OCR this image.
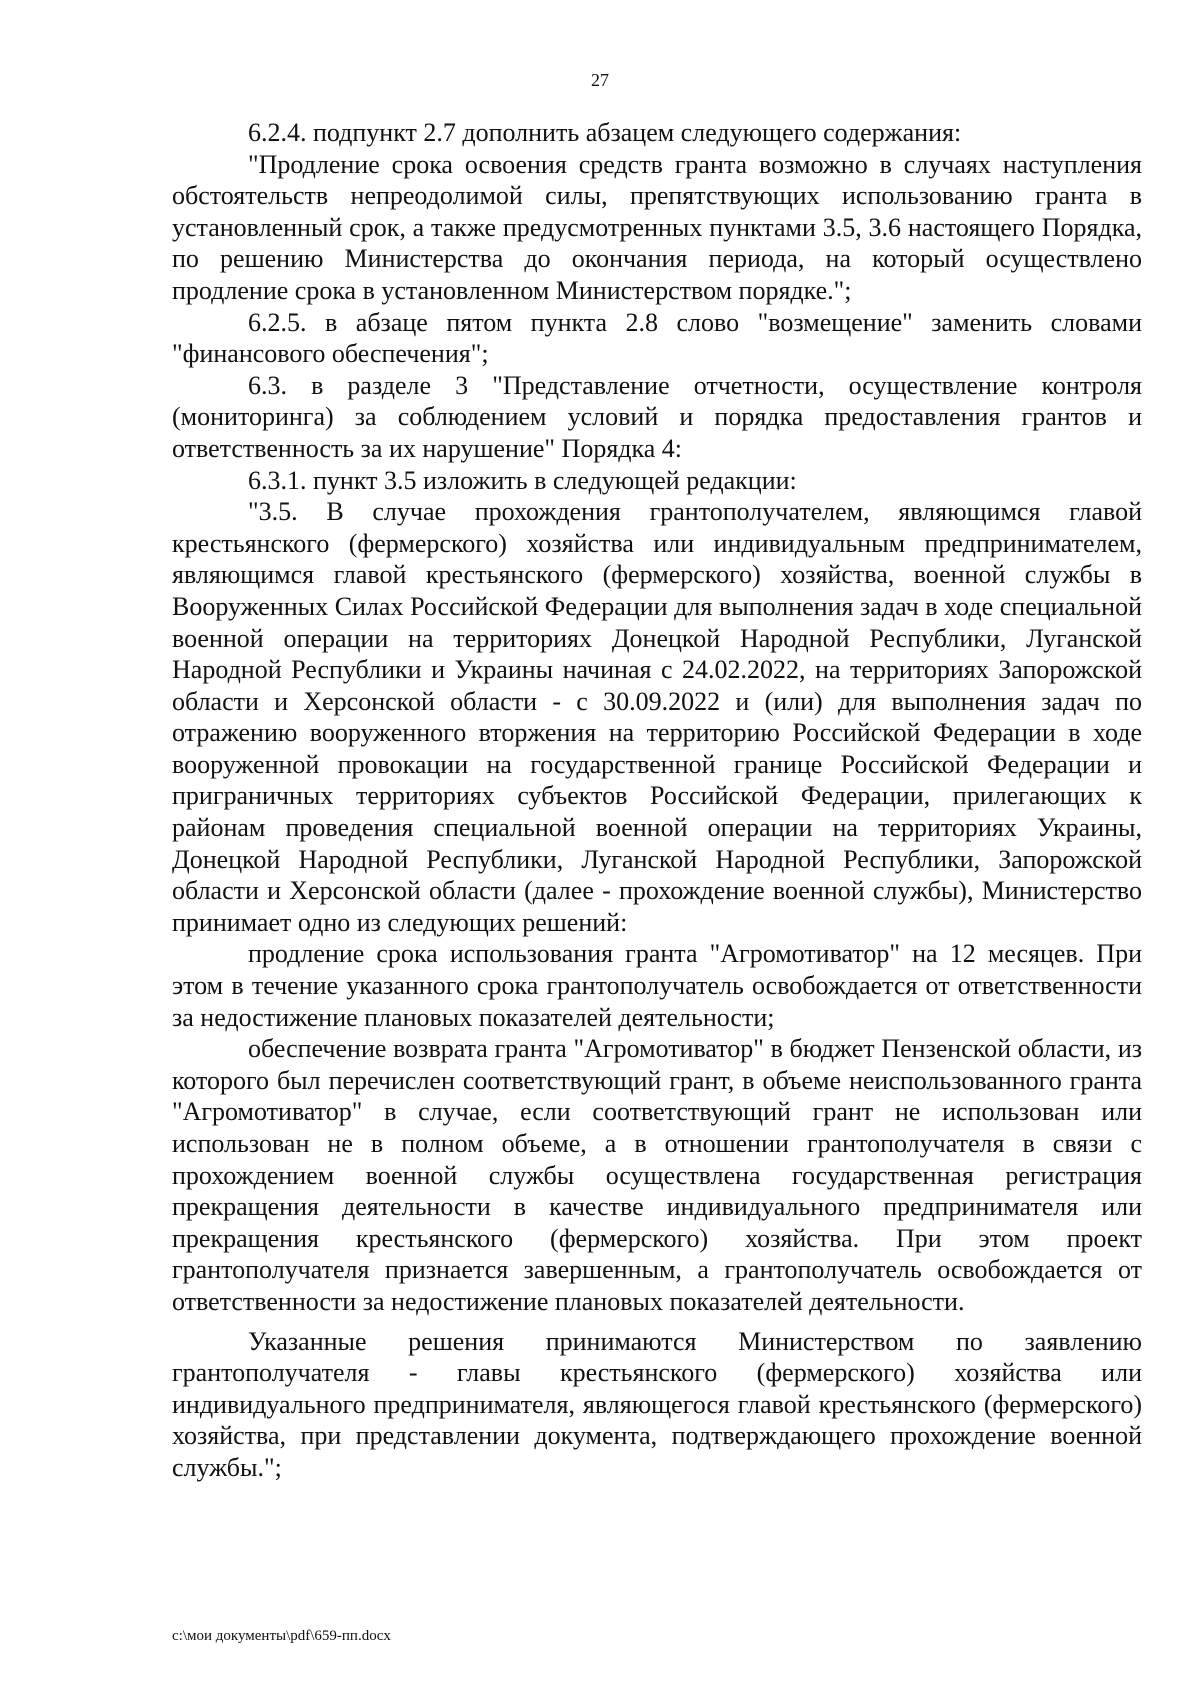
27

6.2.4. подпункт 2.7 дополнить абзацем следующего содержания:

"Продление срока освоения средств гранта возможно в случаях наступления обстоятельств непреодолимой силы, препятствующих использованию гранта в установленный срок, а также предусмотренных пунктами 3.5, 3.6 настоящего Порядка, по решению Министерства до окончания периода, на который осуществлено продление срока в установленном Министерством порядке.";

6.2.5. в абзаце пятом пункта 2.8 слово "возмещение" заменить словами "финансового обеспечения";

6.3. в разделе 3 "Представление отчетности, осуществление контроля (мониторинга) за соблюдением условий и порядка предоставления грантов и ответственность за их нарушение" Порядка 4:

6.3.1. пункт 3.5 изложить в следующей редакции:

"3.5. В случае прохождения грантополучателем, являющимся главой крестьянского (фермерского) хозяйства или индивидуальным предпринимателем, являющимся главой крестьянского (фермерского) хозяйства, военной службы в Вооруженных Силах Российской Федерации для выполнения задач в ходе специальной военной операции на территориях Донецкой Народной Республики, Луганской Народной Республики и Украины начиная с 24.02.2022, на территориях Запорожской области и Херсонской области - с 30.09.2022 и (или) для выполнения задач по отражению вооруженного вторжения на территорию Российской Федерации в ходе вооруженной провокации на государственной границе Российской Федерации и приграничных территориях субъектов Российской Федерации, прилегающих к районам проведения специальной военной операции на территориях Украины, Донецкой Народной Республики, Луганской Народной Республики, Запорожской области и Херсонской области (далее - прохождение военной службы), Министерство принимает одно из следующих решений:

продление срока использования гранта "Агромотиватор" на 12 месяцев. При этом в течение указанного срока грантополучатель освобождается от ответственности за недостижение плановых показателей деятельности;

обеспечение возврата гранта "Агромотиватор" в бюджет Пензенской области, из которого был перечислен соответствующий грант, в объеме неиспользованного гранта "Агромотиватор" в случае, если соответствующий грант не использован или использован не в полном объеме, а в отношении грантополучателя в связи с прохождением военной службы осуществлена государственная регистрация прекращения деятельности в качестве индивидуального предпринимателя или прекращения крестьянского (фермерского) хозяйства. При этом проект грантополучателя признается завершенным, а грантополучатель освобождается от ответственности за недостижение плановых показателей деятельности.

Указанные решения принимаются Министерством по заявлению грантополучателя - главы крестьянского (фермерского) хозяйства или индивидуального предпринимателя, являющегося главой крестьянского (фермерского) хозяйства, при представлении документа, подтверждающего прохождение военной службы.";

c:\мои документы\pdf\659-пп.docx
